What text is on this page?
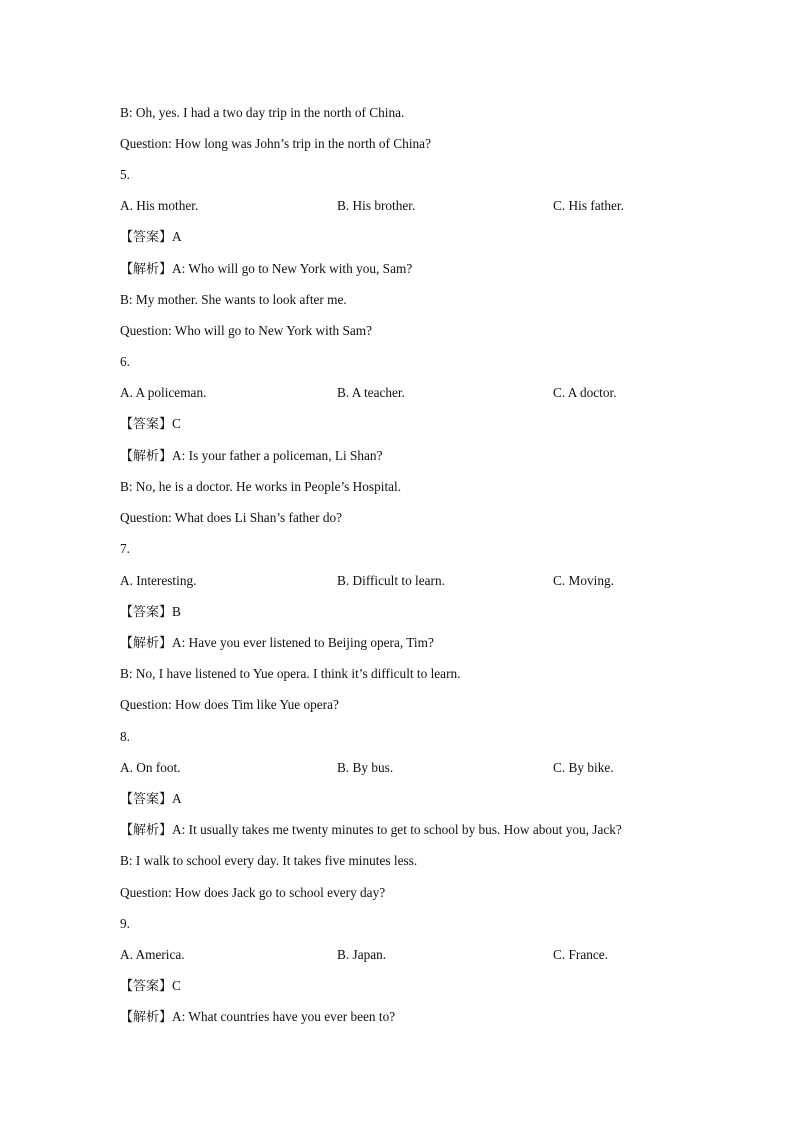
B: Oh, yes. I had a two day trip in the north of China.
Question: How long was John’s trip in the north of China?
5.
A. His mother.	B. His brother.	C. His father.
【答案】A
【解析】A: Who will go to New York with you, Sam?
B: My mother. She wants to look after me.
Question: Who will go to New York with Sam?
6.
A. A policeman.	B. A teacher.	C. A doctor.
【答案】C
【解析】A: Is your father a policeman, Li Shan?
B: No, he is a doctor. He works in People’s Hospital.
Question: What does Li Shan’s father do?
7.
A. Interesting.	B. Difficult to learn.	C. Moving.
【答案】B
【解析】A: Have you ever listened to Beijing opera, Tim?
B: No, I have listened to Yue opera. I think it’s difficult to learn.
Question: How does Tim like Yue opera?
8.
A. On foot.	B. By bus.	C. By bike.
【答案】A
【解析】A: It usually takes me twenty minutes to get to school by bus. How about you, Jack?
B: I walk to school every day. It takes five minutes less.
Question: How does Jack go to school every day?
9.
A. America.	B. Japan.	C. France.
【答案】C
【解析】A: What countries have you ever been to?
